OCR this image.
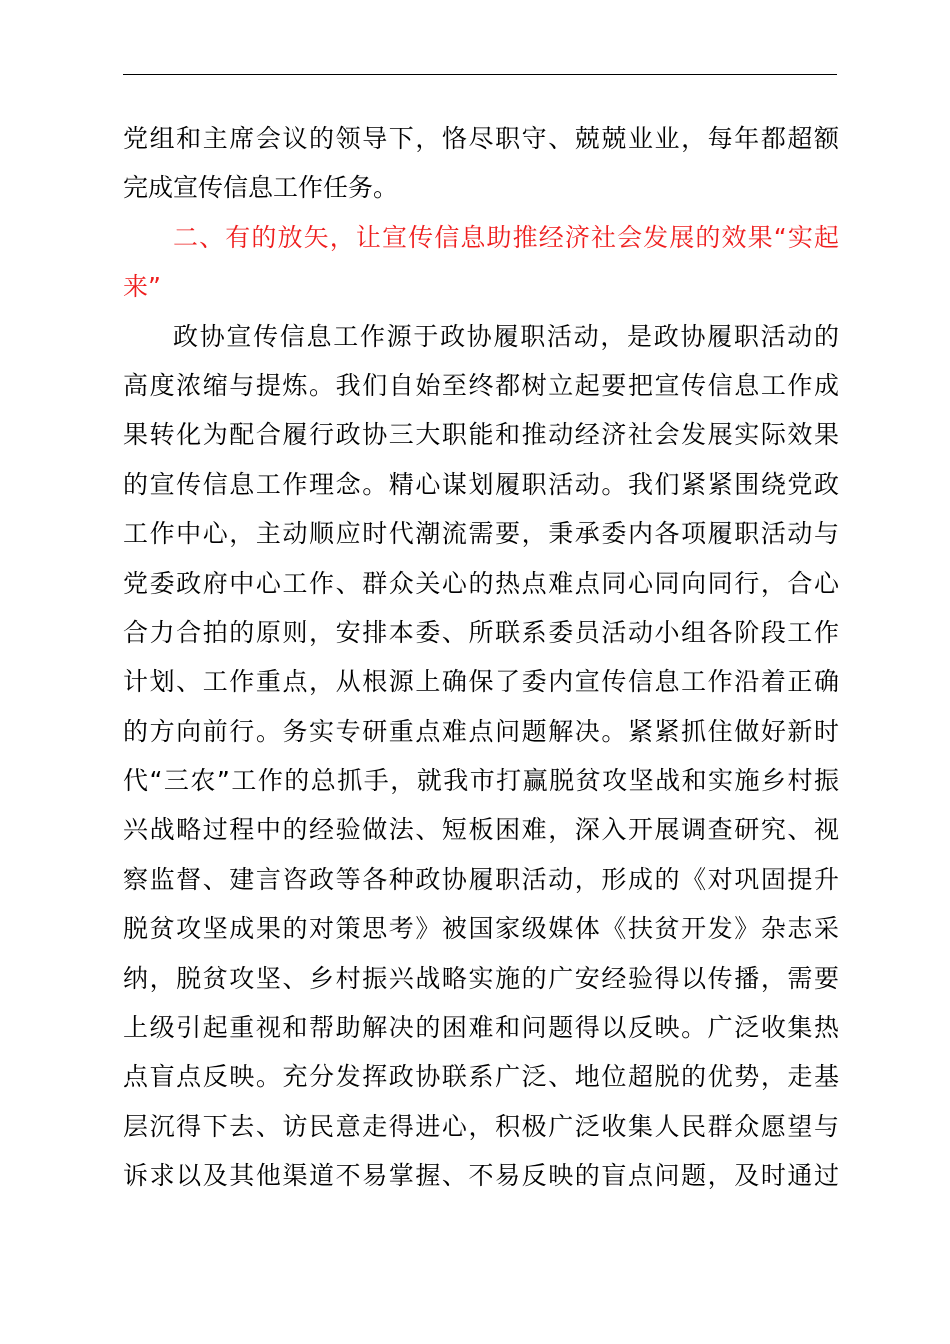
党组和主席会议的领导下，恪尽职守、兢兢业业，每年都超额
完成宣传信息工作任务。
二、有的放矢，让宣传信息助推经济社会发展的效果“实起
来”
政协宣传信息工作源于政协履职活动，是政协履职活动的
高度浓缩与提炼。我们自始至终都树立起要把宣传信息工作成
果转化为配合履行政协三大职能和推动经济社会发展实际效果
的宣传信息工作理念。精心谋划履职活动。我们紧紧围绕党政
工作中心，主动顺应时代潮流需要，秉承委内各项履职活动与
党委政府中心工作、群众关心的热点难点同心同向同行，合心
合力合拍的原则，安排本委、所联系委员活动小组各阶段工作
计划、工作重点，从根源上确保了委内宣传信息工作沿着正确
的方向前行。务实专研重点难点问题解决。紧紧抓住做好新时
代“三农”工作的总抓手，就我市打赢脱贫攻坚战和实施乡村振
兴战略过程中的经验做法、短板困难，深入开展调查研究、视
察监督、建言咨政等各种政协履职活动，形成的《对巩固提升
脱贫攻坚成果的对策思考》被国家级媒体《扶贫开发》杂志采
纳，脱贫攻坚、乡村振兴战略实施的广安经验得以传播，需要
上级引起重视和帮助解决的困难和问题得以反映。广泛收集热
点盲点反映。充分发挥政协联系广泛、地位超脱的优势，走基
层沉得下去、访民意走得进心，积极广泛收集人民群众愿望与
诉求以及其他渠道不易掌握、不易反映的盲点问题，及时通过
